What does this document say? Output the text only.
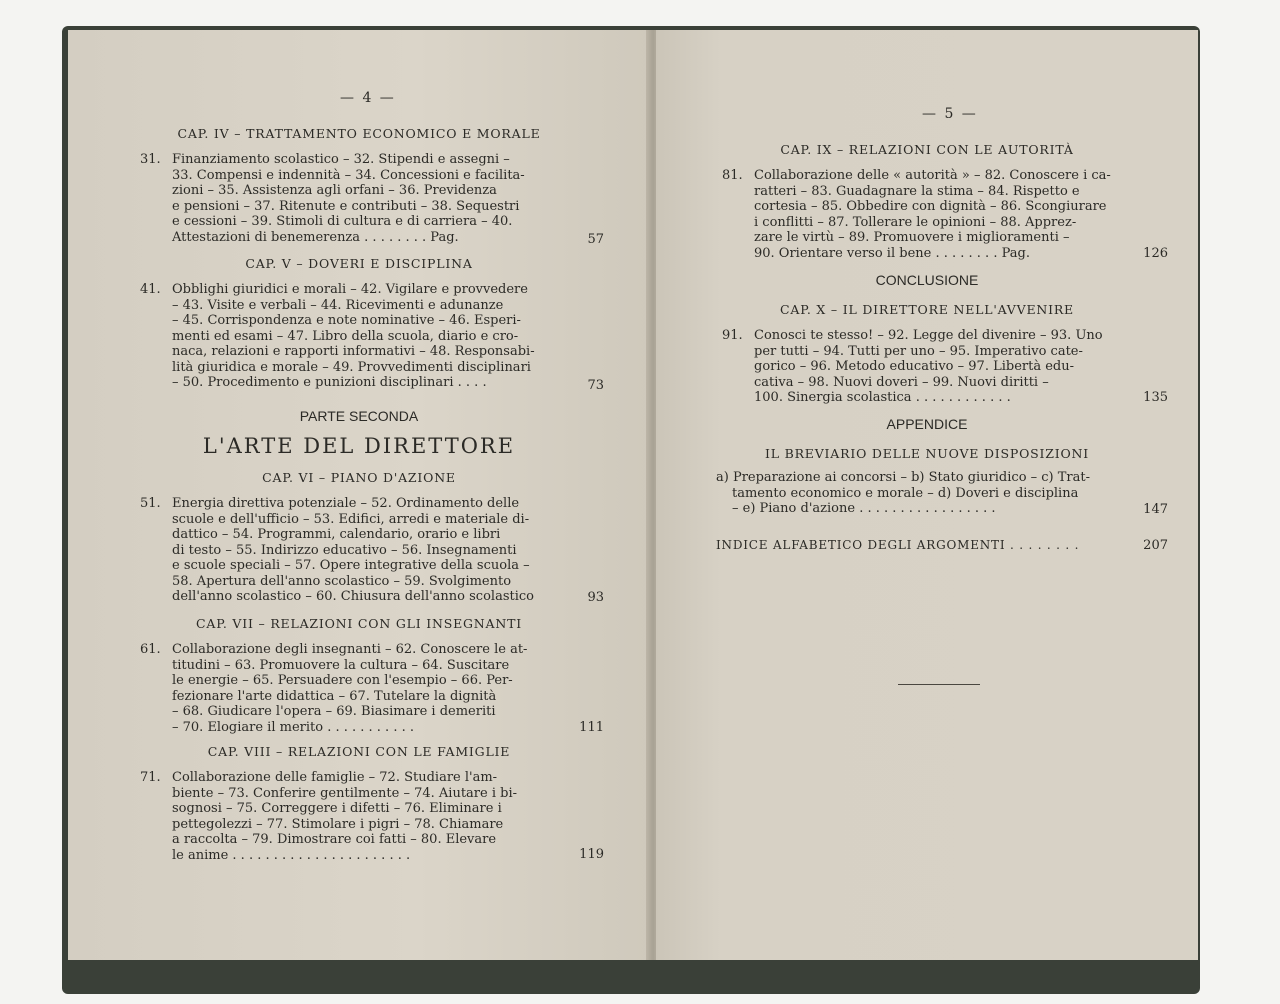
— 4 —
CAP. IV – TRATTAMENTO ECONOMICO E MORALE
31. Finanziamento scolastico – 32. Stipendi e assegni –
33. Compensi e indennità – 34. Concessioni e facilita-
zioni – 35. Assistenza agli orfani – 36. Previdenza
e pensioni – 37. Ritenute e contributi – 38. Sequestri
e cessioni – 39. Stimoli di cultura e di carriera – 40.
Attestazioni di benemerenza . . . . . . . . Pag.	57
CAP. V – DOVERI E DISCIPLINA
41. Obblighi giuridici e morali – 42. Vigilare e provvedere
– 43. Visite e verbali – 44. Ricevimenti e adunanze
– 45. Corrispondenza e note nominative – 46. Esperi-
menti ed esami – 47. Libro della scuola, diario e cro-
naca, relazioni e rapporti informativi – 48. Responsabi-
lità giuridica e morale – 49. Provvedimenti disciplinari
– 50. Procedimento e punizioni disciplinari . . . .	73
PARTE SECONDA
L'ARTE DEL DIRETTORE
CAP. VI – PIANO D'AZIONE
51. Energia direttiva potenziale – 52. Ordinamento delle
scuole e dell'ufficio – 53. Edifici, arredi e materiale di-
dattico – 54. Programmi, calendario, orario e libri
di testo – 55. Indirizzo educativo – 56. Insegnamenti
e scuole speciali – 57. Opere integrative della scuola –
58. Apertura dell'anno scolastico – 59. Svolgimento
dell'anno scolastico – 60. Chiusura dell'anno scolastico	93
CAP. VII – RELAZIONI CON GLI INSEGNANTI
61. Collaborazione degli insegnanti – 62. Conoscere le at-
titudini – 63. Promuovere la cultura – 64. Suscitare
le energie – 65. Persuadere con l'esempio – 66. Per-
fezionare l'arte didattica – 67. Tutelare la dignità
– 68. Giudicare l'opera – 69. Biasimare i demeriti
– 70. Elogiare il merito . . . . . . . . . . .	111
CAP. VIII – RELAZIONI CON LE FAMIGLIE
71. Collaborazione delle famiglie – 72. Studiare l'am-
biente – 73. Conferire gentilmente – 74. Aiutare i bi-
sognosi – 75. Correggere i difetti – 76. Eliminare i
pettegolezzi – 77. Stimolare i pigri – 78. Chiamare
a raccolta – 79. Dimostrare coi fatti – 80. Elevare
le anime . . . . . . . . . . . . . . . . . . . . . .	119
— 5 —
CAP. IX – RELAZIONI CON LE AUTORITÀ
81. Collaborazione delle « autorità » – 82. Conoscere i ca-
ratteri – 83. Guadagnare la stima – 84. Rispetto e
cortesia – 85. Obbedire con dignità – 86. Scongiurare
i conflitti – 87. Tollerare le opinioni – 88. Apprez-
zare le virtù – 89. Promuovere i miglioramenti –
90. Orientare verso il bene . . . . . . . . Pag.	126
CONCLUSIONE
CAP. X – IL DIRETTORE NELL'AVVENIRE
91. Conosci te stesso! – 92. Legge del divenire – 93. Uno
per tutti – 94. Tutti per uno – 95. Imperativo cate-
gorico – 96. Metodo educativo – 97. Libertà edu-
cativa – 98. Nuovi doveri – 99. Nuovi diritti –
100. Sinergia scolastica . . . . . . . . . . . .	135
APPENDICE
IL BREVIARIO DELLE NUOVE DISPOSIZIONI
a) Preparazione ai concorsi – b) Stato giuridico – c) Trat-
tamento economico e morale – d) Doveri e disciplina
– e) Piano d'azione . . . . . . . . . . . . . . . . .	147
INDICE ALFABETICO DEGLI ARGOMENTI . . . . . . . .	207
